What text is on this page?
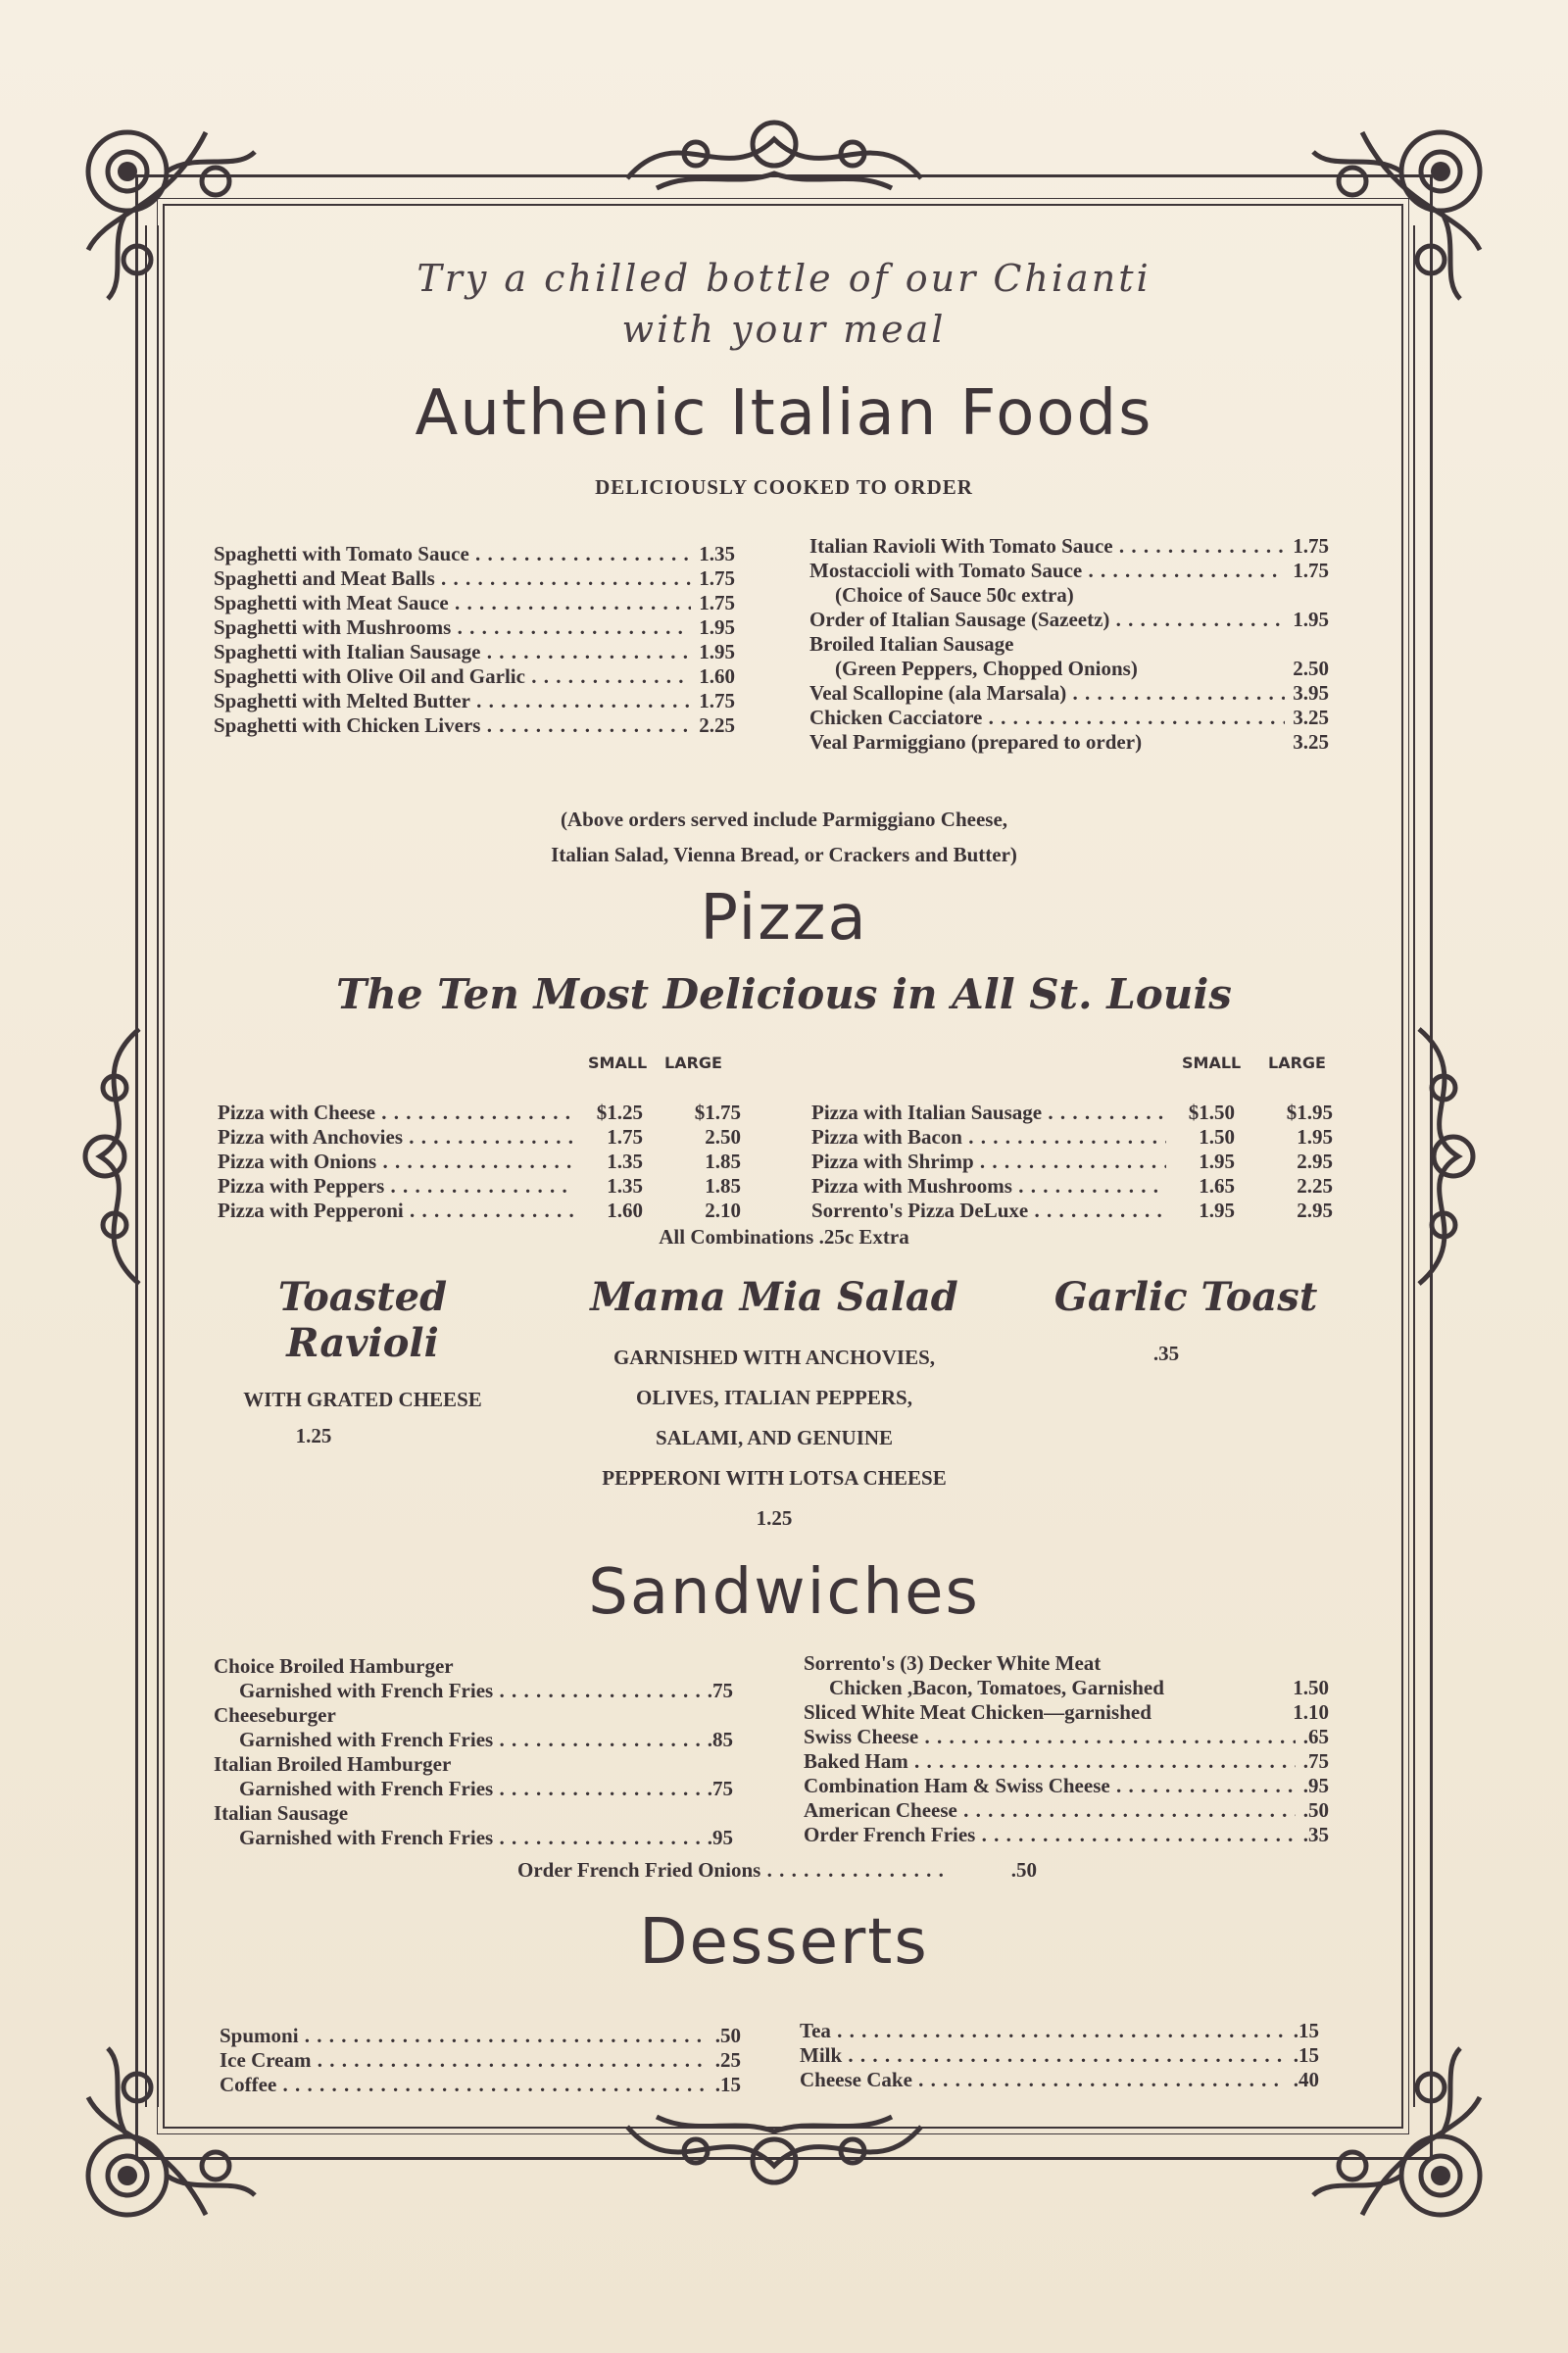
Try a chilled bottle of our Chianti
with your meal
Authenic Italian Foods
DELICIOUSLY COOKED TO ORDER
Spaghetti with Tomato Sauce . . .	1.35
Spaghetti and Meat Balls . . .	1.75
Spaghetti with Meat Sauce . . .	1.75
Spaghetti with Mushrooms . . .	1.95
Spaghetti with Italian Sausage . . .	1.95
Spaghetti with Olive Oil and Garlic . . .	1.60
Spaghetti with Melted Butter . . .	1.75
Spaghetti with Chicken Livers . . .	2.25
Italian Ravioli With Tomato Sauce . . .	1.75
Mostaccioli with Tomato Sauce . . .	1.75
(Choice of Sauce 50c extra)
Order of Italian Sausage (Sazeetz) . . .	1.95
Broiled Italian Sausage
(Green Peppers, Chopped Onions)	2.50
Veal Scallopine (ala Marsala) . . .	3.95
Chicken Cacciatore . . .	3.25
Veal Parmiggiano (prepared to order)	3.25
(Above orders served include Parmiggiano Cheese,
Italian Salad, Vienna Bread, or Crackers and Butter)
Pizza
The Ten Most Delicious in All St. Louis
SMALL	LARGE
Pizza with Cheese . . .	$1.25	$1.75
Pizza with Anchovies . . .	1.75	2.50
Pizza with Onions . . .	1.35	1.85
Pizza with Peppers . . .	1.35	1.85
Pizza with Pepperoni . . .	1.60	2.10
SMALL	LARGE
Pizza with Italian Sausage . . .	$1.50	$1.95
Pizza with Bacon . . .	1.50	1.95
Pizza with Shrimp . . .	1.95	2.95
Pizza with Mushrooms . . .	1.65	2.25
Sorrento's Pizza DeLuxe . . .	1.95	2.95
All Combinations .25c Extra
Toasted Ravioli
WITH GRATED CHEESE
1.25
Mama Mia Salad
GARNISHED WITH ANCHOVIES,
OLIVES, ITALIAN PEPPERS,
SALAMI, AND GENUINE
PEPPERONI WITH LOTSA CHEESE
1.25
Garlic Toast
.35
Sandwiches
Choice Broiled Hamburger
Garnished with French Fries . . .	.75
Cheeseburger
Garnished with French Fries . . .	.85
Italian Broiled Hamburger
Garnished with French Fries . . .	.75
Italian Sausage
Garnished with French Fries . . .	.95
Sorrento's (3) Decker White Meat
Chicken ,Bacon, Tomatoes, Garnished	1.50
Sliced White Meat Chicken—garnished	1.10
Swiss Cheese . . .	.65
Baked Ham . . .	.75
Combination Ham & Swiss Cheese . . .	.95
American Cheese . . .	.50
Order French Fries . . .	.35
Order French Fried Onions . . .	.50
Desserts
Spumoni . . .	.50
Ice Cream . . .	.25
Coffee . . .	.15
Tea . . .	.15
Milk . . .	.15
Cheese Cake . . .	.40
